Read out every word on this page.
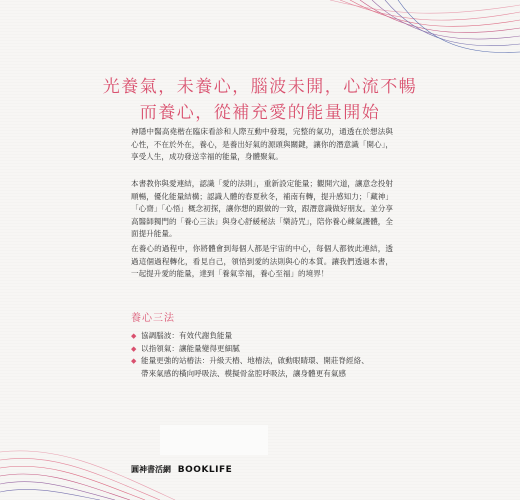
光養氣，未養心，腦波未開，心流不暢
而養心，從補充愛的能量開始
神隱中醫高堯楷在臨床看診和人際互動中發現，完整的氣功，通透在於想法與心性，不在於外在，養心，是養出好氣的源頭與關鍵，讓你的潛意識「開心」，享受人生，成功發送幸福的能量，身體聚氣。
本書教你與愛連結，認識「愛的法則」，重新設定能量；觀開穴道，讓意念投射順暢，優化能量結構；認識人體的春夏秋冬，補南有轉，提升感知力；「藏神」「心齋」「心悟」概念初探，讓你想的跟做的一致，跟潛意識做好朋友。並分享高醫師獨門的「養心三法」與身心舒緩秘法「樂詩咒」，陪你養心練氣護體，全面提升能量。
在養心的過程中，你將體會到每個人都是宇宙的中心，每個人都彼此連結，透過這個過程轉化，看見自己，領悟到愛的法則與心的本質。讓我們透過本書，一起提升愛的能量，達到「養氣幸福，養心至福」的境界！
養心三法
◆ 協調腦波：有效代謝負能量
◆ 以指領氣：讓能量變得更細膩
◆ 能量更強的站樁法：升級天樁、地樁法，啟動眼睛環、開莊脊經絡、
帶來氣感的橫向呼吸法、模擬骨盆腔呼吸法，讓身體更有氣感
圓神書活網 BOOKLIFE
